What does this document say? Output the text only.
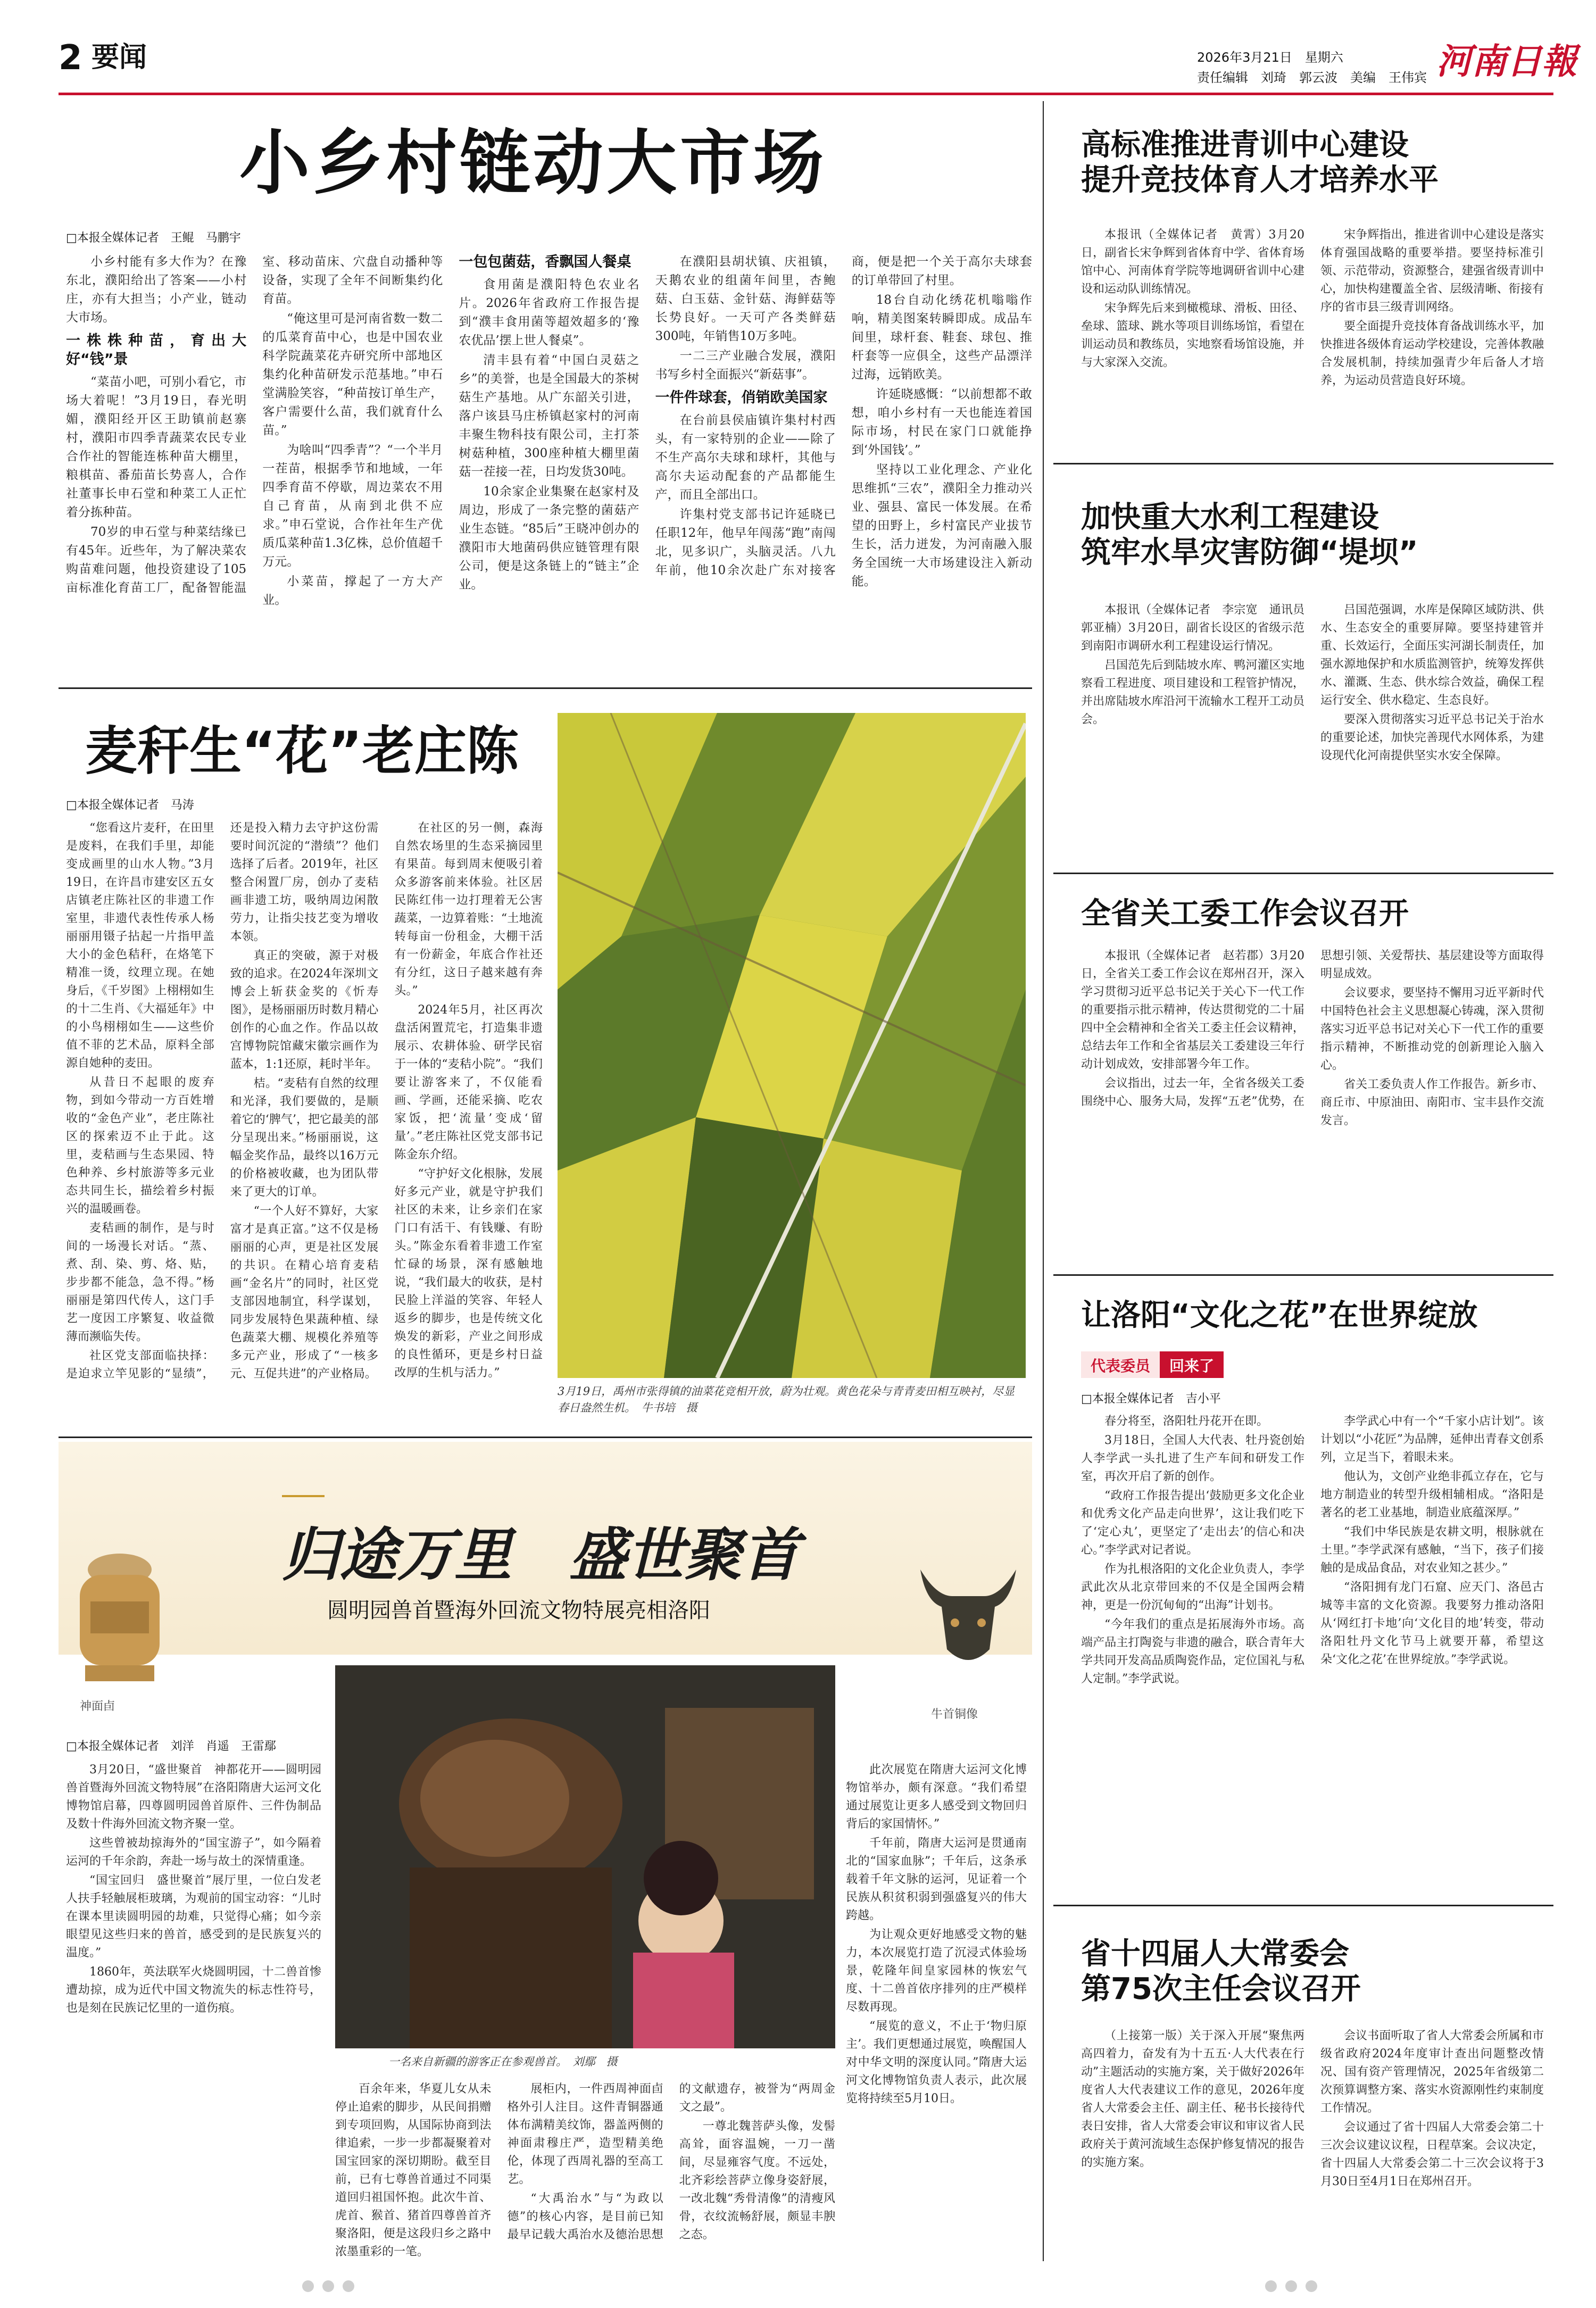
2 要闻	2026年3月21日　星期六
责任编辑　刘琦　郭云波　美编　王伟宾 河南日報
小乡村链动大市场
□本报全媒体记者　王鲲　马鹏宇

小乡村能有多大作为？在豫东北，濮阳给出了答案——小村庄，亦有大担当；小产业，链动大市场。

一株株种苗，育出大好“钱”景

“菜苗小吧，可别小看它，市场大着呢！”3月19日，春光明媚，濮阳经开区王助镇前赵寨村，濮阳市四季青蔬菜农民专业合作社的智能连栋种苗大棚里，粮棋苗、番茄苗长势喜人，合作社董事长申石堂和种菜工人正忙着分拣种苗。

70岁的申石堂与种菜结缘已有45年。近些年，为了解决菜农购苗难问题，他投资建设了105亩标准化育苗工厂，配备智能温室、移动苗床、穴盘自动播种等设备，实现了全年不间断集约化育苗。

“俺这里可是河南省数一数二的瓜菜育苗中心，也是中国农业科学院蔬菜花卉研究所中部地区集约化种苗研发示范基地。”申石堂满脸笑容，“种苗按订单生产，客户需要什么苗，我们就育什么苗。”

为啥叫“四季青”？“一个半月一茬苗，根据季节和地域，一年四季育苗不停歇，周边菜农不用自己育苗，从南到北供不应求。”申石堂说，合作社年生产优质瓜菜种苗1.3亿株，总价值超千万元。

小菜苗，撑起了一方大产业。

一包包菌菇，香飘国人餐桌

食用菌是濮阳特色农业名片。2026年省政府工作报告提到“濮丰食用菌等超效超多的‘豫农优品’摆上世人餐桌”。

清丰县有着“中国白灵菇之乡”的美誉，也是全国最大的茶树菇生产基地。从广东韶关引进，落户该县马庄桥镇赵家村的河南丰聚生物科技有限公司，主打茶树菇种植，300座种植大棚里菌菇一茬接一茬，日均发货30吨。

10余家企业集聚在赵家村及周边，形成了一条完整的菌菇产业生态链。“85后”王晓冲创办的濮阳市大地菌码供应链管理有限公司，便是这条链上的“链主”企业。

在濮阳县胡状镇、庆祖镇，天鹅农业的组菌年间里，杏鲍菇、白玉菇、金针菇、海鲜菇等长势良好。一天可产各类鲜菇300吨，年销售10万多吨。

一二三产业融合发展，濮阳书写乡村全面振兴“新菇事”。

一件件球套，俏销欧美国家

在台前县侯庙镇许集村村西头，有一家特别的企业——除了不生产高尔夫球和球杆，其他与高尔夫运动配套的产品都能生产，而且全部出口。

许集村党支部书记许延晓已任职12年，他早年闯荡“跑”南闯北，见多识广，头脑灵活。八九年前，他10余次赴广东对接客商，便是把一个关于高尔夫球套的订单带回了村里。

18台自动化绣花机嗡嗡作响，精美图案转瞬即成。成品车间里，球杆套、鞋套、球包、推杆套等一应俱全，这些产品漂洋过海，远销欧美。

许延晓感慨：“以前想都不敢想，咱小乡村有一天也能连着国际市场，村民在家门口就能挣到‘外国钱’。”

坚持以工业化理念、产业化思维抓“三农”，濮阳全力推动兴业、强县、富民一体发展。在希望的田野上，乡村富民产业拔节生长，活力迸发，为河南融入服务全国统一大市场建设注入新动能。

麦秆生“花”老庄陈
□本报全媒体记者　马涛

“您看这片麦秆，在田里是废料，在我们手里，却能变成画里的山水人物。”3月19日，在许昌市建安区五女店镇老庄陈社区的非遗工作室里，非遗代表性传承人杨丽丽用镊子拈起一片指甲盖大小的金色秸秆，在烙笔下精准一烫，纹理立现。在她身后，《千岁图》上栩栩如生的十二生肖、《大福延年》中的小鸟栩栩如生——这些价值不菲的艺术品，原料全部源自她种的麦田。

从昔日不起眼的废弃物，到如今带动一方百姓增收的“金色产业”，老庄陈社区的探索迈不止于此。这里，麦秸画与生态果园、特色种养、乡村旅游等多元业态共同生长，描绘着乡村振兴的温暖画卷。

麦秸画的制作，是与时间的一场漫长对话。“蒸、煮、刮、染、剪、烙、贴，步步都不能急，急不得。”杨丽丽是第四代传人，这门手艺一度因工序繁复、收益微薄而濒临失传。

社区党支部面临抉择：是迫求立竿见影的“显绩”，还是投入精力去守护这份需要时间沉淀的“潜绩”？他们选择了后者。2019年，社区整合闲置厂房，创办了麦秸画非遗工坊，吸纳周边闲散劳力，让指尖技艺变为增收本领。

真正的突破，源于对极致的追求。在2024年深圳文博会上斩获金奖的《忻寿图》，是杨丽丽历时数月精心创作的心血之作。作品以故宫博物院馆藏宋徽宗画作为蓝本，1:1还原，耗时半年。

桔。“麦秸有自然的纹理和光泽，我们要做的，是顺着它的‘脾气’，把它最美的部分呈现出来。”杨丽丽说，这幅金奖作品，最终以16万元的价格被收藏，也为团队带来了更大的订单。

“一个人好不算好，大家富才是真正富。”这不仅是杨丽丽的心声，更是社区发展的共识。在精心培育麦秸画“金名片”的同时，社区党支部因地制宜，科学谋划，同步发展特色果蔬种植、绿色蔬菜大棚、规模化养殖等多元产业，形成了“一核多元、互促共进”的产业格局。

在社区的另一侧，森海自然农场里的生态采摘园里有果苗。每到周末便吸引着众多游客前来体验。社区居民陈红伟一边打理着无公害蔬菜，一边算着账：“土地流转每亩一份租金，大棚干活有一份薪金，年底合作社还有分红，这日子越来越有奔头。”

2024年5月，社区再次盘活闲置荒宅，打造集非遗展示、农耕体验、研学民宿于一体的“麦秸小院”。“我们要让游客来了，不仅能看画、学画，还能采摘、吃农家饭，把‘流量’变成‘留量’。”老庄陈社区党支部书记陈金东介绍。

“守护好文化根脉，发展好多元产业，就是守护我们社区的未来，让乡亲们在家门口有活干、有钱赚、有盼头。”陈金东看着非遗工作室忙碌的场景，深有感触地说，“我们最大的收获，是村民脸上洋溢的笑容、年轻人返乡的脚步，也是传统文化焕发的新彩，产业之间形成的良性循环，更是乡村日益改厚的生机与活力。”

3月19日，禹州市张得镇的油菜花竞相开放，蔚为壮观。黄色花朵与青青麦田相互映衬，尽显春日盎然生机。　牛书培　摄
归途万里　盛世聚首
圆明园兽首暨海外回流文物特展亮相洛阳
神面卣
牛首铜像
□本报全媒体记者　刘洋　肖遥　王雷鄢
一名来自新疆的游客正在参观兽首。　刘鄢　摄

3月20日，“盛世聚首　神都花开——圆明园兽首暨海外回流文物特展”在洛阳隋唐大运河文化博物馆启幕，四尊圆明园兽首原件、三件伪制品及数十件海外回流文物齐聚一堂。

这些曾被劫掠海外的“国宝游子”，如今隔着运河的千年余韵，奔赴一场与故土的深情重逢。

“国宝回归　盛世聚首”展厅里，一位白发老人扶手轻触展柜玻璃，为观前的国宝动容：“儿时在课本里读圆明园的劫难，只觉得心痛；如今亲眼望见这些归来的兽首，感受到的是民族复兴的温度。”

1860年，英法联军火烧圆明园，十二兽首惨遭劫掠，成为近代中国文物流失的标志性符号，也是刻在民族记忆里的一道伤痕。

百余年来，华夏儿女从未停止追索的脚步，从民间捐赠到专项回购，从国际协商到法律追索，一步一步都凝聚着对国宝回家的深切期盼。截至目前，已有七尊兽首通过不同渠道回归祖国怀抱。此次牛首、虎首、猴首、猪首四尊兽首齐聚洛阳，便是这段归乡之路中浓墨重彩的一笔。

展柜内，一件西周神面卣格外引人注目。这件青铜器通体布满精美纹饰，器盖两侧的神面肃穆庄严，造型精美绝伦，体现了西周礼器的至高工艺。

“大禹治水”与“为政以德”的核心内容，是目前已知最早记载大禹治水及德治思想的文献遗存，被誉为“两周金文之最”。

一尊北魏菩萨头像，发髻高耸，面容温婉，一刀一凿间，尽显雍容气度。不远处，北齐彩绘菩萨立像身姿舒展，一改北魏“秀骨清像”的清瘦风骨，衣纹流畅舒展，颇显丰腴之态。

此次展览在隋唐大运河文化博物馆举办，颇有深意。“我们希望通过展览让更多人感受到文物回归背后的家国情怀。”

千年前，隋唐大运河是贯通南北的“国家血脉”；千年后，这条承载着千年文脉的运河，见证着一个民族从积贫积弱到强盛复兴的伟大跨越。

为让观众更好地感受文物的魅力，本次展览打造了沉浸式体验场景，乾隆年间皇家园林的恢宏气度、十二兽首依序排列的庄严模样尽数再现。

“展览的意义，不止于‘物归原主’。我们更想通过展览，唤醒国人对中华文明的深度认同。”隋唐大运河文化博物馆负责人表示，此次展览将持续至5月10日。

高标准推进青训中心建设
提升竞技体育人才培养水平

本报讯（全媒体记者　黄霄）3月20日，副省长宋争辉到省体育中学、省体育场馆中心、河南体育学院等地调研省训中心建设和运动队训练情况。

宋争辉先后来到橄榄球、滑板、田径、垒球、篮球、跳水等项目训练场馆，看望在训运动员和教练员，实地察看场馆设施，并与大家深入交流。

宋争辉指出，推进省训中心建设是落实体育强国战略的重要举措。要坚持标准引领、示范带动，资源整合，建强省级青训中心，加快构建覆盖全省、层级清晰、衔接有序的省市县三级青训网络。

要全面提升竞技体育备战训练水平，加快推进各级体育运动学校建设，完善体教融合发展机制，持续加强青少年后备人才培养，为运动员营造良好环境。

加快重大水利工程建设
筑牢水旱灾害防御“堤坝”

本报讯（全媒体记者　李宗宽　通讯员　郭亚楠）3月20日，副省长设区的省级示范到南阳市调研水利工程建设运行情况。

吕国范先后到陆坡水库、鸭河灌区实地察看工程进度、项目建设和工程管护情况，并出席陆坡水库沿河干流输水工程开工动员会。

吕国范强调，水库是保障区域防洪、供水、生态安全的重要屏障。要坚持建管并重、长效运行，全面压实河湖长制责任，加强水源地保护和水质监测管护，统筹发挥供水、灌溉、生态、供水综合效益，确保工程运行安全、供水稳定、生态良好。

要深入贯彻落实习近平总书记关于治水的重要论述，加快完善现代水网体系，为建设现代化河南提供坚实水安全保障。

全省关工委工作会议召开

本报讯（全媒体记者　赵若郡）3月20日，全省关工委工作会议在郑州召开，深入学习贯彻习近平总书记关于关心下一代工作的重要指示批示精神，传达贯彻党的二十届四中全会精神和全省关工委主任会议精神，总结去年工作和全省基层关工委建设三年行动计划成效，安排部署今年工作。

会议指出，过去一年，全省各级关工委围绕中心、服务大局，发挥“五老”优势，在思想引领、关爱帮扶、基层建设等方面取得明显成效。

会议要求，要坚持不懈用习近平新时代中国特色社会主义思想凝心铸魂，深入贯彻落实习近平总书记对关心下一代工作的重要指示精神，不断推动党的创新理论入脑入心。

省关工委负责人作工作报告。新乡市、商丘市、中原油田、南阳市、宝丰县作交流发言。

让洛阳“文化之花”在世界绽放
代表委员	回来了
□本报全媒体记者　吉小平

春分将至，洛阳牡丹花开在即。

3月18日，全国人大代表、牡丹瓷创始人李学武一头扎进了生产车间和研发工作室，再次开启了新的创作。

“政府工作报告提出‘鼓励更多文化企业和优秀文化产品走向世界’，这让我们吃下了‘定心丸’，更坚定了‘走出去’的信心和决心。”李学武对记者说。

作为扎根洛阳的文化企业负责人，李学武此次从北京带回来的不仅是全国两会精神，更是一份沉甸甸的“出海”计划书。

“今年我们的重点是拓展海外市场。高端产品主打陶瓷与非遗的融合，联合青年大学共同开发高品质陶瓷作品，定位国礼与私人定制。”李学武说。

李学武心中有一个“千家小店计划”。该计划以“小花匠”为品牌，延伸出青春文创系列，立足当下，着眼未来。

他认为，文创产业绝非孤立存在，它与地方制造业的转型升级相辅相成。“洛阳是著名的老工业基地，制造业底蕴深厚。”

“我们中华民族是农耕文明，根脉就在土里。”李学武深有感触，“当下，孩子们接触的是成品食品，对农业知之甚少。”

“洛阳拥有龙门石窟、应天门、洛邑古城等丰富的文化资源。我要努力推动洛阳从‘网红打卡地’向‘文化目的地’转变，带动洛阳牡丹文化节马上就要开幕，希望这朵‘文化之花’在世界绽放。”李学武说。

省十四届人大常委会
第75次主任会议召开

（上接第一版）关于深入开展“聚焦两高四着力，奋发有为十五五·人大代表在行动”主题活动的实施方案，关于做好2026年度省人大代表建议工作的意见，2026年度省人大常委会主任、副主任、秘书长接待代表日安排，省人大常委会审议和审议省人民政府关于黄河流域生态保护修复情况的报告的实施方案。

会议书面听取了省人大常委会所属和市级省政府2024年度审计查出问题整改情况、国有资产管理情况，2025年省级第二次预算调整方案、落实水资源刚性约束制度工作情况。

会议通过了省十四届人大常委会第二十三次会议建议议程，日程草案。会议决定，省十四届人大常委会第二十三次会议将于3月30日至4月1日在郑州召开。
